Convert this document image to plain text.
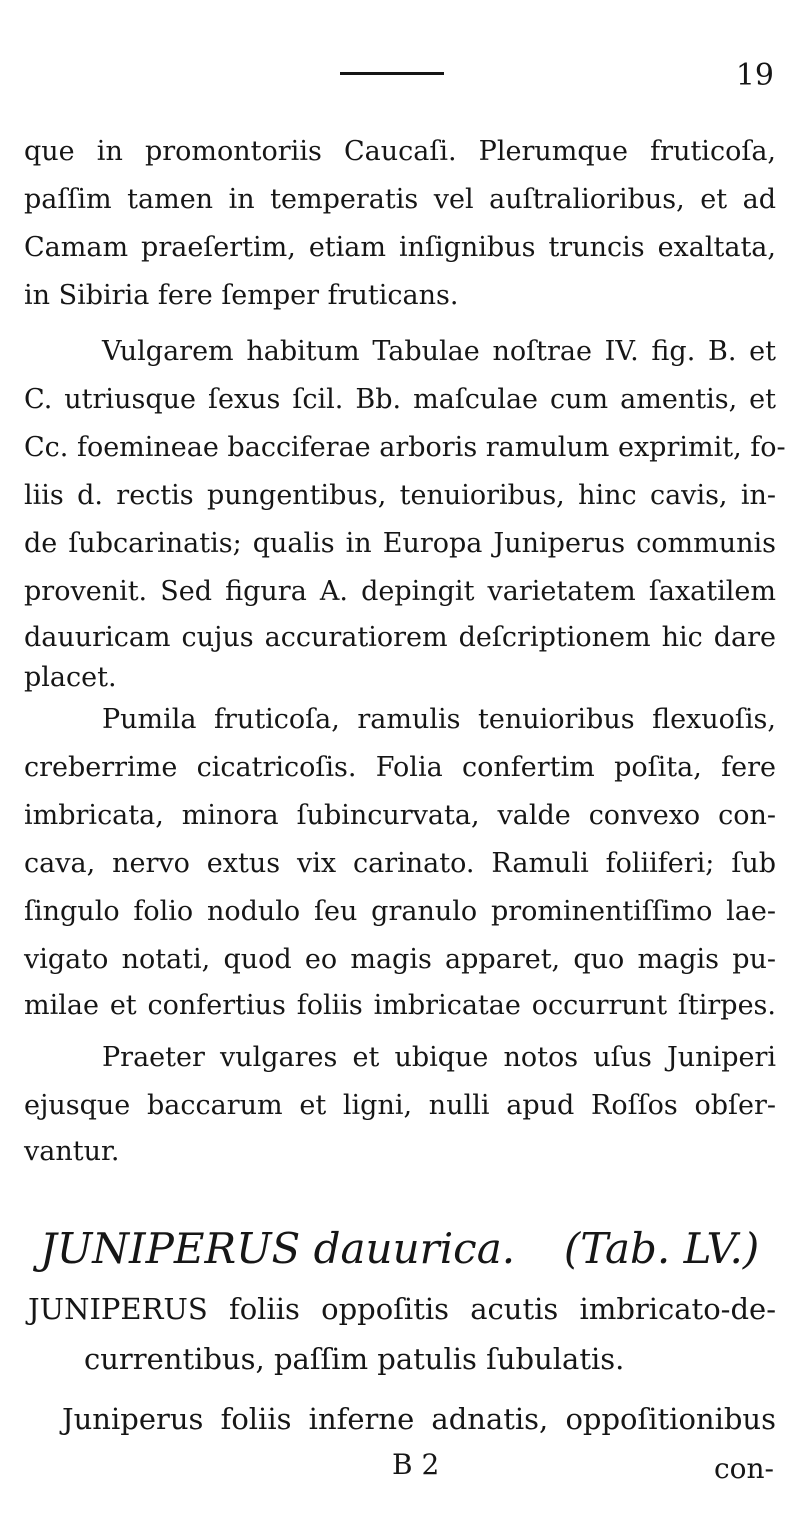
19
que in promontoriis Caucaſi. Plerumque fruticoſa,
paſſim tamen in temperatis vel auſtralioribus, et ad
Camam praeſertim, etiam inſignibus truncis exaltata,
in Sibiria fere ſemper fruticans.
Vulgarem habitum Tabulae noſtrae IV. fig. B. et
C. utriusque ſexus ſcil. Bb. maſculae cum amentis, et
Cc. foemineae bacciferae arboris ramulum exprimit, fo-
liis d. rectis pungentibus, tenuioribus, hinc cavis, in-
de ſubcarinatis; qualis in Europa Juniperus communis
provenit. Sed figura A. depingit varietatem ſaxatilem
dauuricam cujus accuratiorem deſcriptionem hic dare
placet.
Pumila fruticoſa, ramulis tenuioribus flexuoſis,
creberrime cicatricoſis. Folia confertim poſita, fere
imbricata, minora ſubincurvata, valde convexo con-
cava, nervo extus vix carinato. Ramuli foliiferi; ſub
ſingulo folio nodulo ſeu granulo prominentiſſimo lae-
vigato notati, quod eo magis apparet, quo magis pu-
milae et confertius foliis imbricatae occurrunt ſtirpes.
Praeter vulgares et ubique notos uſus Juniperi
ejusque baccarum et ligni, nulli apud Roſſos obſer-
vantur.
JUNIPERUS dauurica. (Tab. LV.)
JUNIPERUS foliis oppoſitis acutis imbricato-de-
currentibus, paſſim patulis ſubulatis.
Juniperus foliis inferne adnatis, oppoſitionibus
B 2	con-
